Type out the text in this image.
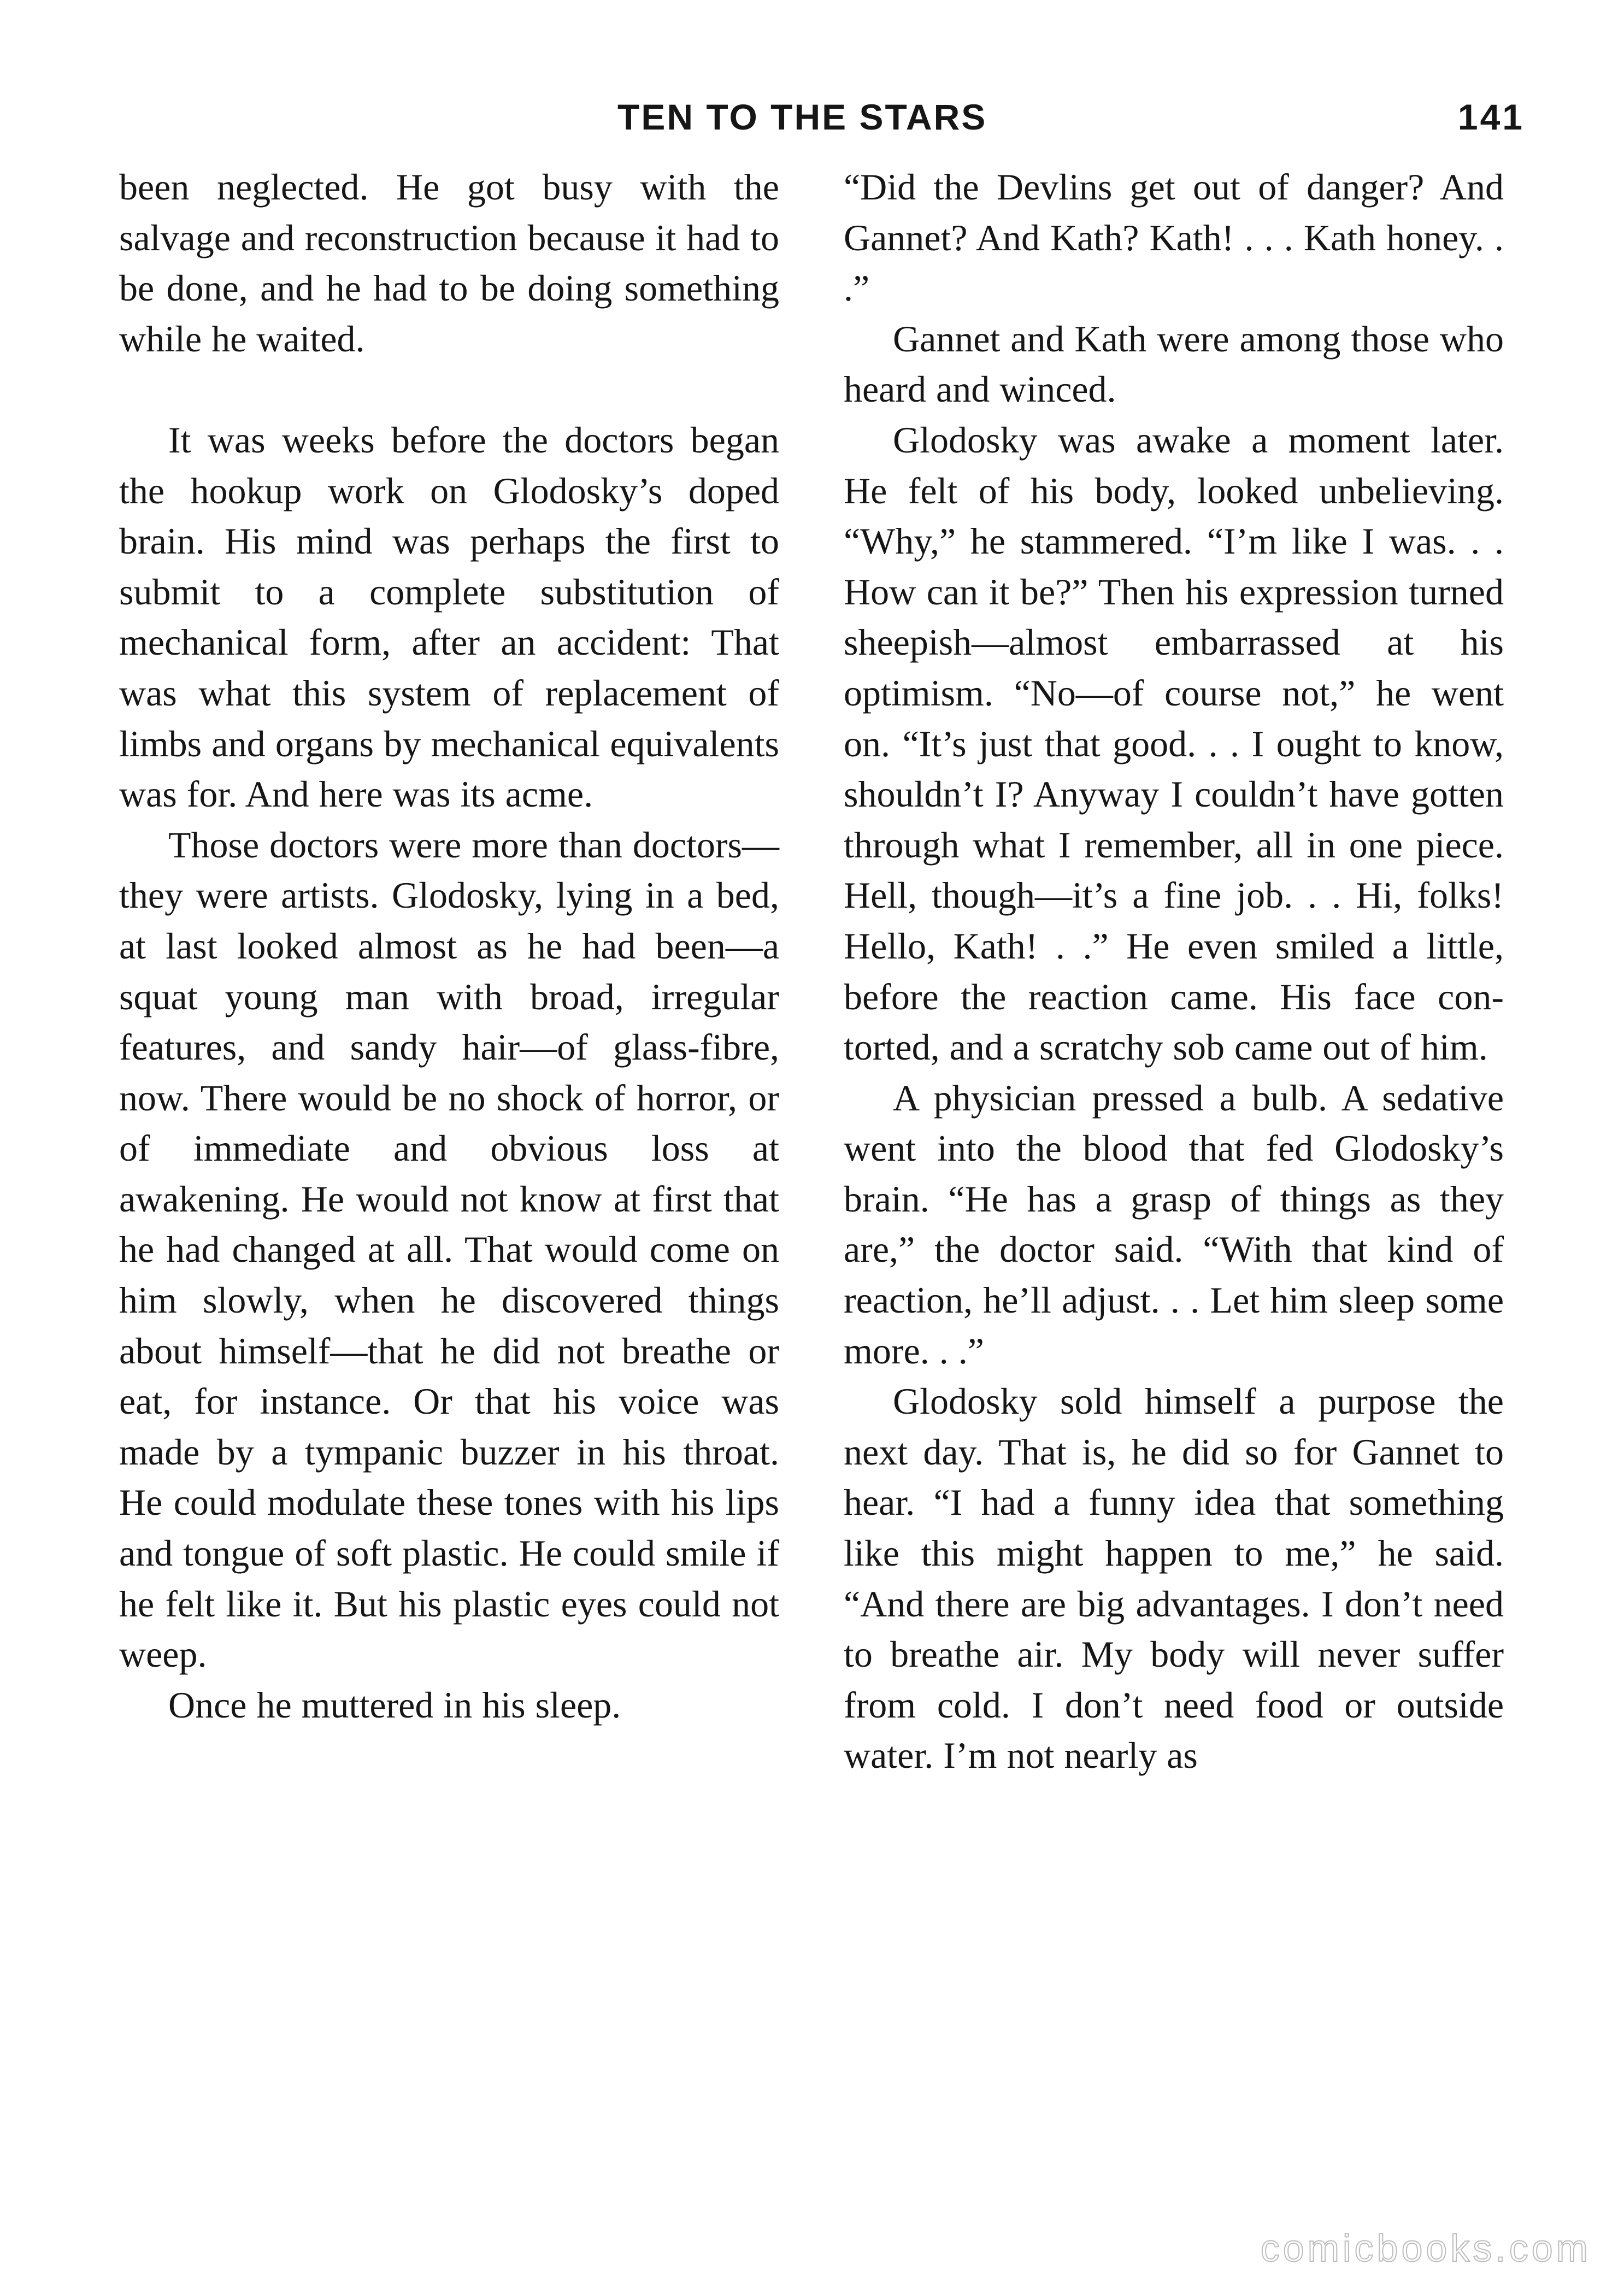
TEN TO THE STARS	141

been neglected. He got busy with the salvage and reconstruction because it had to be done, and he had to be doing something while he waited.

It was weeks before the doctors began the hookup work on Glodosky’s doped brain. His mind was perhaps the first to submit to a complete substitution of mechanical form, after an accident: That was what this system of replacement of limbs and organs by mechanical equivalents was for. And here was its acme.

Those doctors were more than doctors—they were artists. Glodosky, lying in a bed, at last looked almost as he had been—a squat young man with broad, irregular features, and sandy hair—of glass-fibre, now. There would be no shock of horror, or of immediate and obvious loss at awakening. He would not know at first that he had changed at all. That would come on him slowly, when he discovered things about himself—that he did not breathe or eat, for instance. Or that his voice was made by a tympanic buzzer in his throat. He could modulate these tones with his lips and tongue of soft plastic. He could smile if he felt like it. But his plastic eyes could not weep.

Once he muttered in his sleep.

“Did the Devlins get out of danger? And Gannet? And Kath? Kath! . . . Kath honey. . .”

Gannet and Kath were among those who heard and winced.

Glodosky was awake a moment later. He felt of his body, looked unbelieving. “Why,” he stammered. “I’m like I was. . . How can it be?” Then his expression turned sheepish—almost embarrassed at his optimism. “No—of course not,” he went on. “It’s just that good. . . I ought to know, shouldn’t I? Anyway I couldn’t have gotten through what I remember, all in one piece. Hell, though—it’s a fine job. . . Hi, folks! Hello, Kath! . .” He even smiled a little, before the reaction came. His face contorted, and a scratchy sob came out of him.

A physician pressed a bulb. A sedative went into the blood that fed Glodosky’s brain. “He has a grasp of things as they are,” the doctor said. “With that kind of reaction, he’ll adjust. . . Let him sleep some more. . .”

Glodosky sold himself a purpose the next day. That is, he did so for Gannet to hear. “I had a funny idea that something like this might happen to me,” he said. “And there are big advantages. I don’t need to breathe air. My body will never suffer from cold. I don’t need food or outside water. I’m not nearly as

comicbooks.com
